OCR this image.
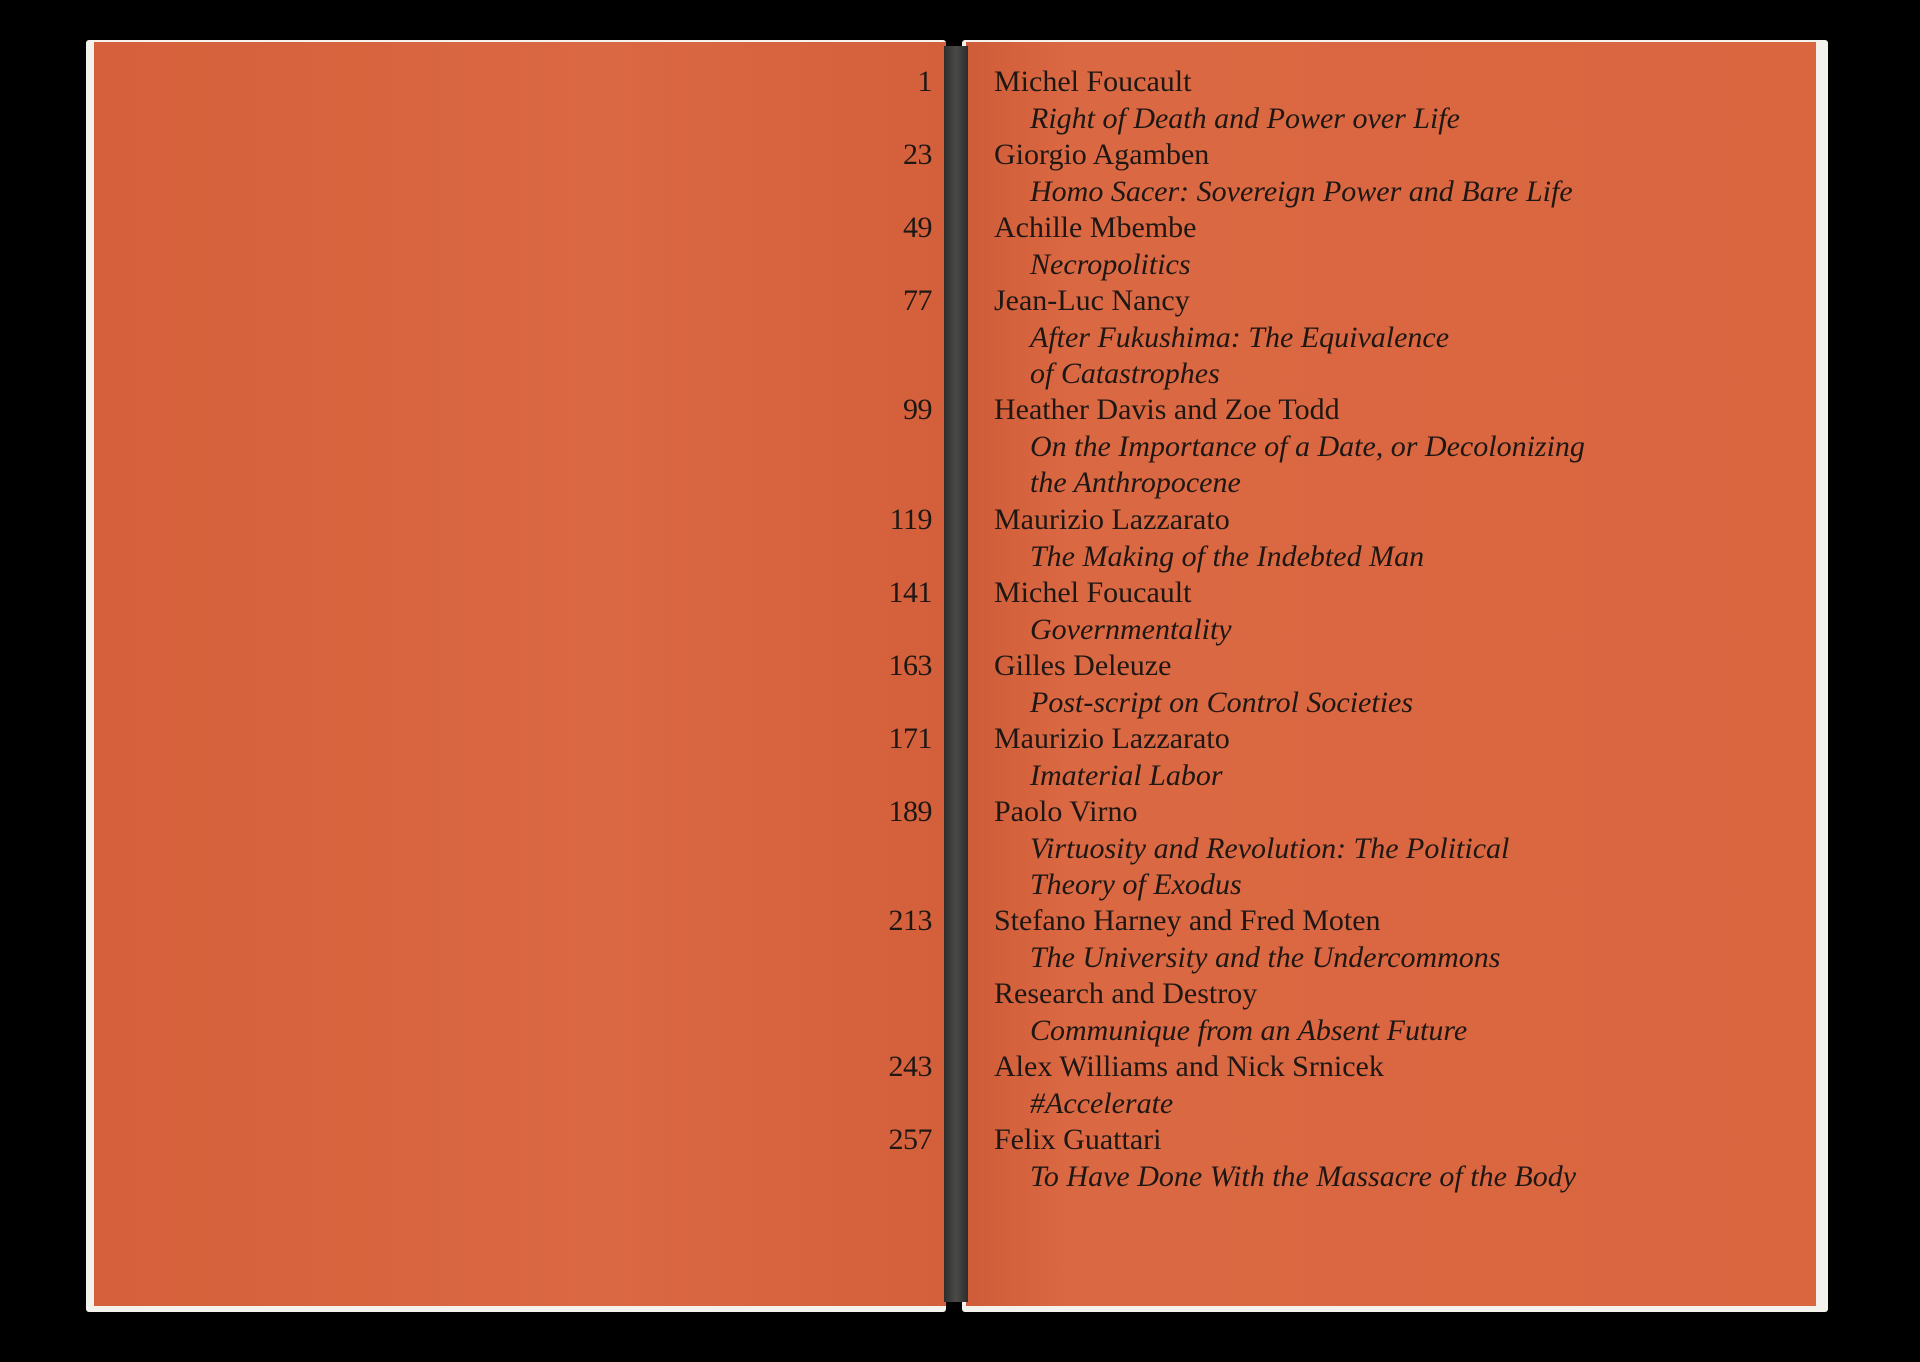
1 Michel Foucault
Right of Death and Power over Life
23 Giorgio Agamben
Homo Sacer: Sovereign Power and Bare Life
49 Achille Mbembe
Necropolitics
77 Jean-Luc Nancy
After Fukushima: The Equivalence
of Catastrophes
99 Heather Davis and Zoe Todd
On the Importance of a Date, or Decolonizing
the Anthropocene
119 Maurizio Lazzarato
The Making of the Indebted Man
141 Michel Foucault
Governmentality
163 Gilles Deleuze
Post-script on Control Societies
171 Maurizio Lazzarato
Imaterial Labor
189 Paolo Virno
Virtuosity and Revolution: The Political
Theory of Exodus
213 Stefano Harney and Fred Moten
The University and the Undercommons
Research and Destroy
Communique from an Absent Future
243 Alex Williams and Nick Srnicek
#Accelerate
257 Felix Guattari
To Have Done With the Massacre of the Body
